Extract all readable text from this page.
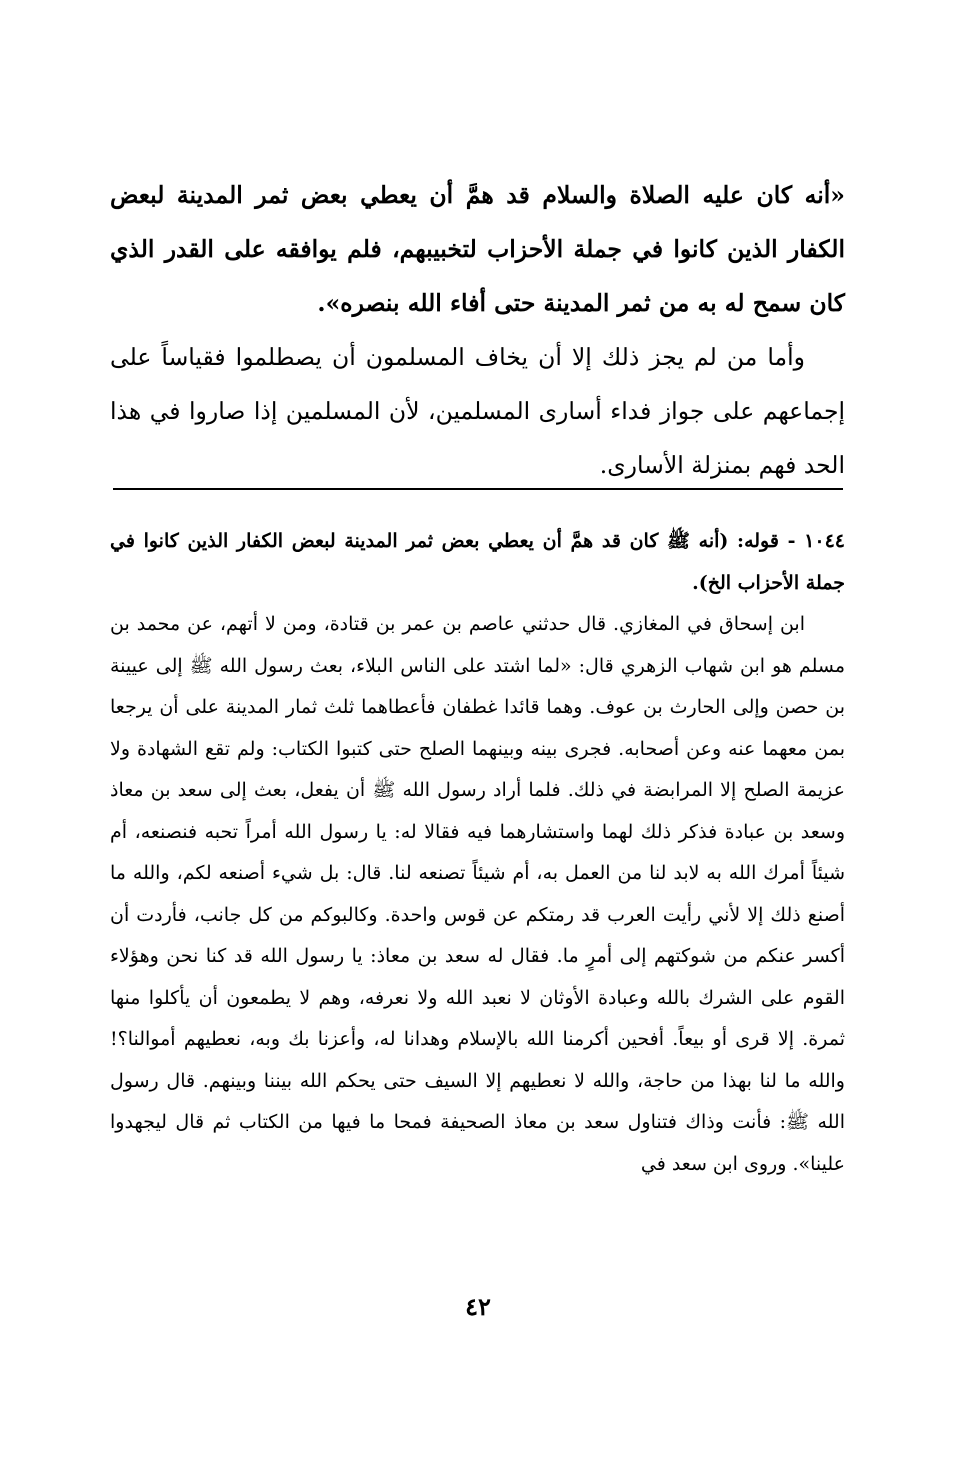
«أنه كان عليه الصلاة والسلام قد همَّ أن يعطي بعض ثمر المدينة لبعض الكفار الذين كانوا في جملة الأحزاب لتخبيبهم، فلم يوافقه على القدر الذي كان سمح له به من ثمر المدينة حتى أفاء الله بنصره».

وأما من لم يجز ذلك إلا أن يخاف المسلمون أن يصطلموا فقياساً على إجماعهم على جواز فداء أسارى المسلمين، لأن المسلمين إذا صاروا في هذا الحد فهم بمنزلة الأسارى.

١٠٤٤ - قوله: (أنه ﷺ كان قد همَّ أن يعطي بعض ثمر المدينة لبعض الكفار الذين كانوا في جملة الأحزاب الخ).

ابن إسحاق في المغازي. قال حدثني عاصم بن عمر بن قتادة، ومن لا أتهم، عن محمد بن مسلم هو ابن شهاب الزهري قال: «لما اشتد على الناس البلاء، بعث رسول الله ﷺ إلى عيينة بن حصن وإلى الحارث بن عوف. وهما قائدا غطفان فأعطاهما ثلث ثمار المدينة على أن يرجعا بمن معهما عنه وعن أصحابه. فجرى بينه وبينهما الصلح حتى كتبوا الكتاب: ولم تقع الشهادة ولا عزيمة الصلح إلا المرابضة في ذلك. فلما أراد رسول الله ﷺ أن يفعل، بعث إلى سعد بن معاذ وسعد بن عبادة فذكر ذلك لهما واستشارهما فيه فقالا له: يا رسول الله أمراً تحبه فنصنعه، أم شيئاً أمرك الله به لابد لنا من العمل به، أم شيئاً تصنعه لنا. قال: بل شيء أصنعه لكم، والله ما أصنع ذلك إلا لأني رأيت العرب قد رمتكم عن قوس واحدة. وكالبوكم من كل جانب، فأردت أن أكسر عنكم من شوكتهم إلى أمرٍ ما. فقال له سعد بن معاذ: يا رسول الله قد كنا نحن وهؤلاء القوم على الشرك بالله وعبادة الأوثان لا نعبد الله ولا نعرفه، وهم لا يطمعون أن يأكلوا منها ثمرة. إلا قرى أو بيعاً. أفحين أكرمنا الله بالإسلام وهدانا له، وأعزنا بك وبه، نعطيهم أموالنا؟! والله ما لنا بهذا من حاجة، والله لا نعطيهم إلا السيف حتى يحكم الله بيننا وبينهم. قال رسول الله ﷺ: فأنت وذاك فتناول سعد بن معاذ الصحيفة فمحا ما فيها من الكتاب ثم قال ليجهدوا علينا». وروى ابن سعد في

٤٢
